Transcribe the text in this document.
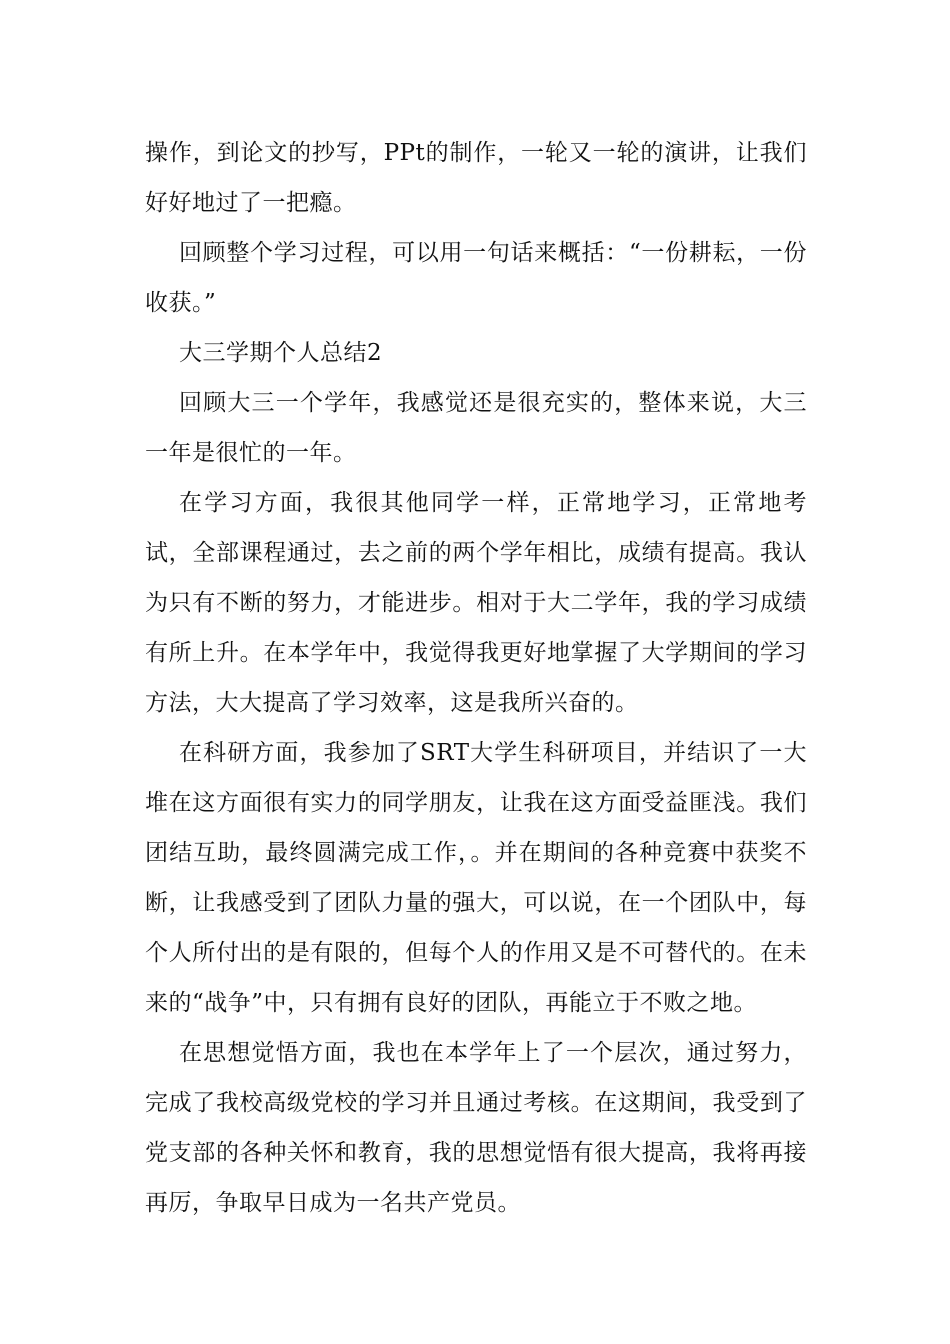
操作，到论文的抄写，PPt的制作，一轮又一轮的演讲，让我们好好地过了一把瘾。

回顾整个学习过程，可以用一句话来概括：“一份耕耘，一份收获。”

大三学期个人总结2

回顾大三一个学年，我感觉还是很充实的，整体来说，大三一年是很忙的一年。

在学习方面，我很其他同学一样，正常地学习，正常地考试，全部课程通过，去之前的两个学年相比，成绩有提高。我认为只有不断的努力，才能进步。相对于大二学年，我的学习成绩有所上升。在本学年中，我觉得我更好地掌握了大学期间的学习方法，大大提高了学习效率，这是我所兴奋的。

在科研方面，我参加了SRT大学生科研项目，并结识了一大堆在这方面很有实力的同学朋友，让我在这方面受益匪浅。我们团结互助，最终圆满完成工作，。并在期间的各种竞赛中获奖不断，让我感受到了团队力量的强大，可以说，在一个团队中，每个人所付出的是有限的，但每个人的作用又是不可替代的。在未来的“战争”中，只有拥有良好的团队，再能立于不败之地。

在思想觉悟方面，我也在本学年上了一个层次，通过努力，完成了我校高级党校的学习并且通过考核。在这期间，我受到了党支部的各种关怀和教育，我的思想觉悟有很大提高，我将再接再厉，争取早日成为一名共产党员。
